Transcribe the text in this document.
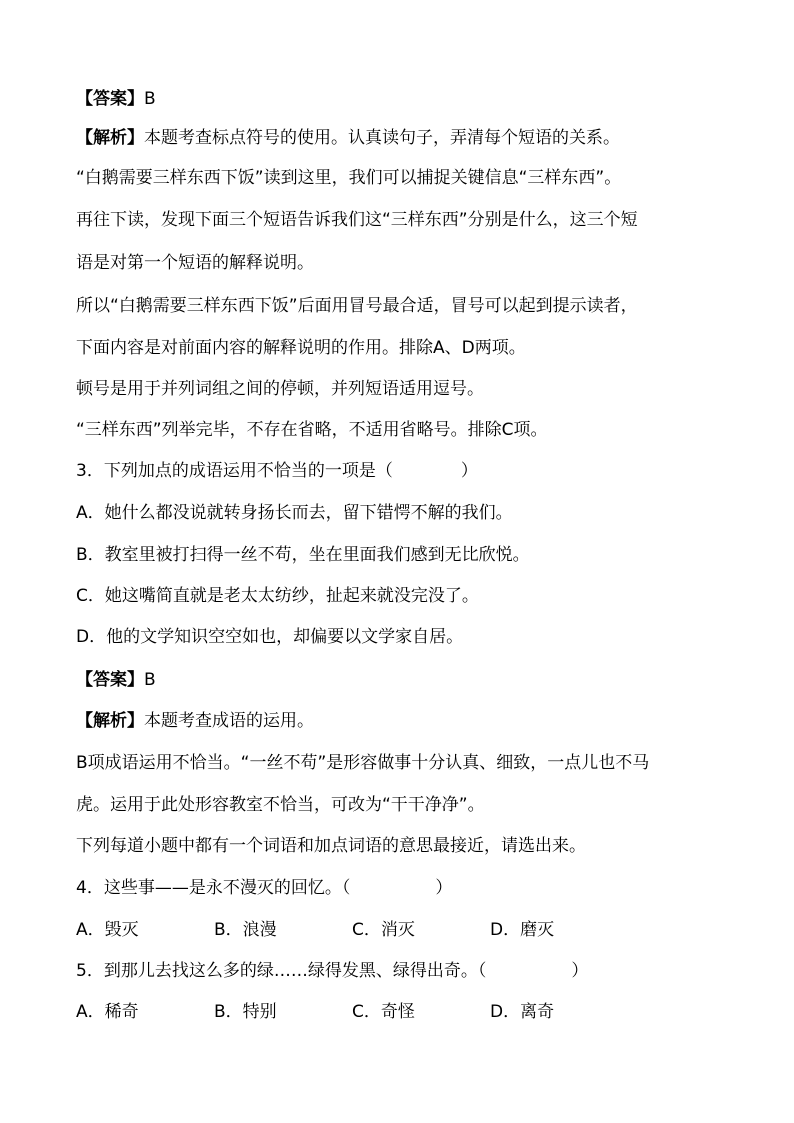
【答案】B
【解析】本题考查标点符号的使用。认真读句子，弄清每个短语的关系。
“白鹅需要三样东西下饭”读到这里，我们可以捕捉关键信息“三样东西”。
再往下读，发现下面三个短语告诉我们这“三样东西”分别是什么，这三个短
语是对第一个短语的解释说明。
所以“白鹅需要三样东西下饭”后面用冒号最合适，冒号可以起到提示读者，
下面内容是对前面内容的解释说明的作用。排除A、D两项。
顿号是用于并列词组之间的停顿，并列短语适用逗号。
“三样东西”列举完毕，不存在省略，不适用省略号。排除C项。
3．下列加点的成语运用不恰当的一项是（　　　　）
A．她什么都没说就转身扬长而去，留下错愕不解的我们。
B．教室里被打扫得一丝不苟，坐在里面我们感到无比欣悦。
C．她这嘴简直就是老太太纺纱，扯起来就没完没了。
D．他的文学知识空空如也，却偏要以文学家自居。
【答案】B
【解析】本题考查成语的运用。
B项成语运用不恰当。“一丝不苟”是形容做事十分认真、细致，一点儿也不马
虎。运用于此处形容教室不恰当，可改为“干干净净”。
下列每道小题中都有一个词语和加点词语的意思最接近，请选出来。
4．这些事——是永不漫灭的回忆。（　　　　　）
A．毁灭	B．浪漫	C．消灭	D．磨灭
5．到那儿去找这么多的绿……绿得发黑、绿得出奇。（　　　　　）
A．稀奇	B．特别	C．奇怪	D．离奇
